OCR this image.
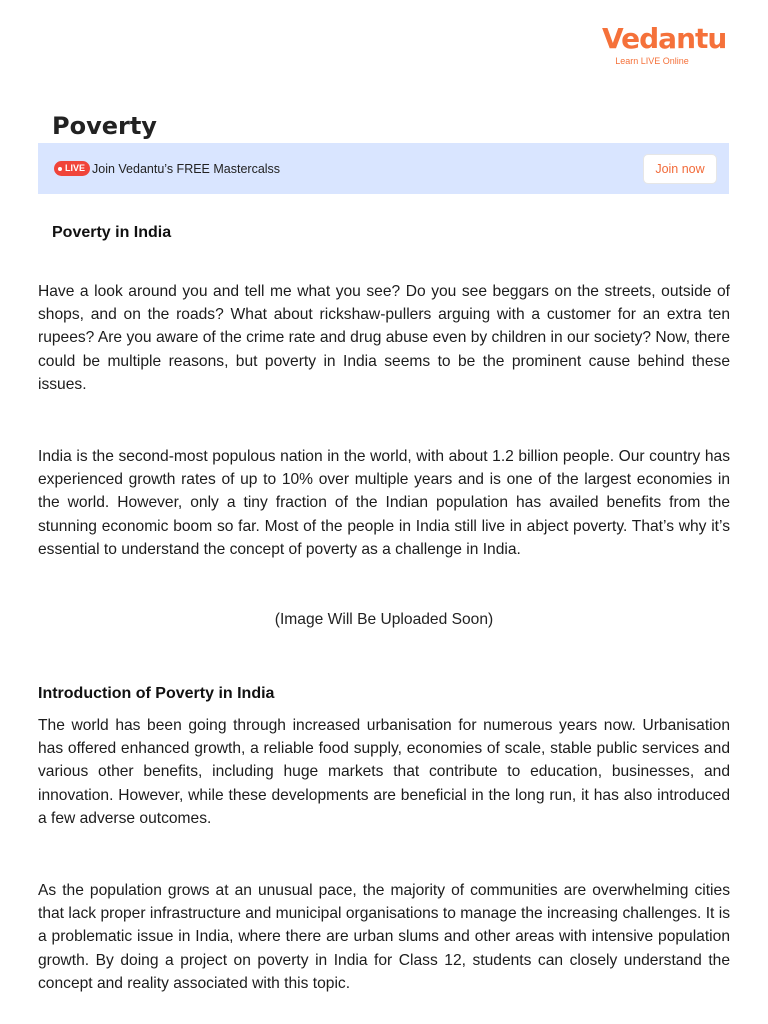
Vedantu
Learn LIVE Online
Poverty
LIVE Join Vedantu’s FREE Mastercalss	Join now
Poverty in India

Have a look around you and tell me what you see? Do you see beggars on the streets, outside of shops, and on the roads? What about rickshaw-pullers arguing with a customer for an extra ten rupees? Are you aware of the crime rate and drug abuse even by children in our society? Now, there could be multiple reasons, but poverty in India seems to be the prominent cause behind these issues.

India is the second-most populous nation in the world, with about 1.2 billion people. Our country has experienced growth rates of up to 10% over multiple years and is one of the largest economies in the world. However, only a tiny fraction of the Indian population has availed benefits from the stunning economic boom so far. Most of the people in India still live in abject poverty. That’s why it’s essential to understand the concept of poverty as a challenge in India.

(Image Will Be Uploaded Soon)

Introduction of Poverty in India

The world has been going through increased urbanisation for numerous years now. Urbanisation has offered enhanced growth, a reliable food supply, economies of scale, stable public services and various other benefits, including huge markets that contribute to education, businesses, and innovation. However, while these developments are beneficial in the long run, it has also introduced a few adverse outcomes.

As the population grows at an unusual pace, the majority of communities are overwhelming cities that lack proper infrastructure and municipal organisations to manage the increasing challenges. It is a problematic issue in India, where there are urban slums and other areas with intensive population growth. By doing a project on poverty in India for Class 12, students can closely understand the concept and reality associated with this topic.
